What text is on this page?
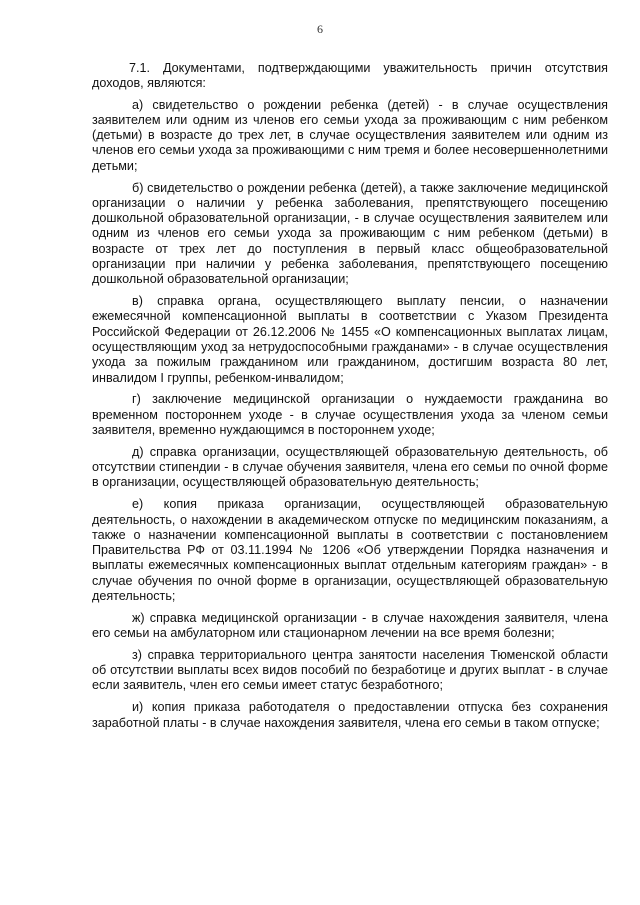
6

7.1. Документами, подтверждающими уважительность причин отсутствия доходов, являются:

а) свидетельство о рождении ребенка (детей) - в случае осуществления заявителем или одним из членов его семьи ухода за проживающим с ним ребенком (детьми) в возрасте до трех лет, в случае осуществления заявителем или одним из членов его семьи ухода за проживающими с ним тремя и более несовершеннолетними детьми;

б) свидетельство о рождении ребенка (детей), а также заключение медицинской организации о наличии у ребенка заболевания, препятствующего посещению дошкольной образовательной организации, - в случае осуществления заявителем или одним из членов его семьи ухода за проживающим с ним ребенком (детьми) в возрасте от трех лет до поступления в первый класс общеобразовательной организации при наличии у ребенка заболевания, препятствующего посещению дошкольной образовательной организации;

в) справка органа, осуществляющего выплату пенсии, о назначении ежемесячной компенсационной выплаты в соответствии с Указом Президента Российской Федерации от 26.12.2006 № 1455 «О компенсационных выплатах лицам, осуществляющим уход за нетрудоспособными гражданами» - в случае осуществления ухода за пожилым гражданином или гражданином, достигшим возраста 80 лет, инвалидом I группы, ребенком-инвалидом;

г) заключение медицинской организации о нуждаемости гражданина во временном постороннем уходе - в случае осуществления ухода за членом семьи заявителя, временно нуждающимся в постороннем уходе;

д) справка организации, осуществляющей образовательную деятельность, об отсутствии стипендии - в случае обучения заявителя, члена его семьи по очной форме в организации, осуществляющей образовательную деятельность;

е) копия приказа организации, осуществляющей образовательную деятельность, о нахождении в академическом отпуске по медицинским показаниям, а также о назначении компенсационной выплаты в соответствии с постановлением Правительства РФ от 03.11.1994 № 1206 «Об утверждении Порядка назначения и выплаты ежемесячных компенсационных выплат отдельным категориям граждан» - в случае обучения по очной форме в организации, осуществляющей образовательную деятельность;

ж) справка медицинской организации - в случае нахождения заявителя, члена его семьи на амбулаторном или стационарном лечении на все время болезни;

з) справка территориального центра занятости населения Тюменской области об отсутствии выплаты всех видов пособий по безработице и других выплат - в случае если заявитель, член его семьи имеет статус безработного;

и) копия приказа работодателя о предоставлении отпуска без сохранения заработной платы - в случае нахождения заявителя, члена его семьи в таком отпуске;
